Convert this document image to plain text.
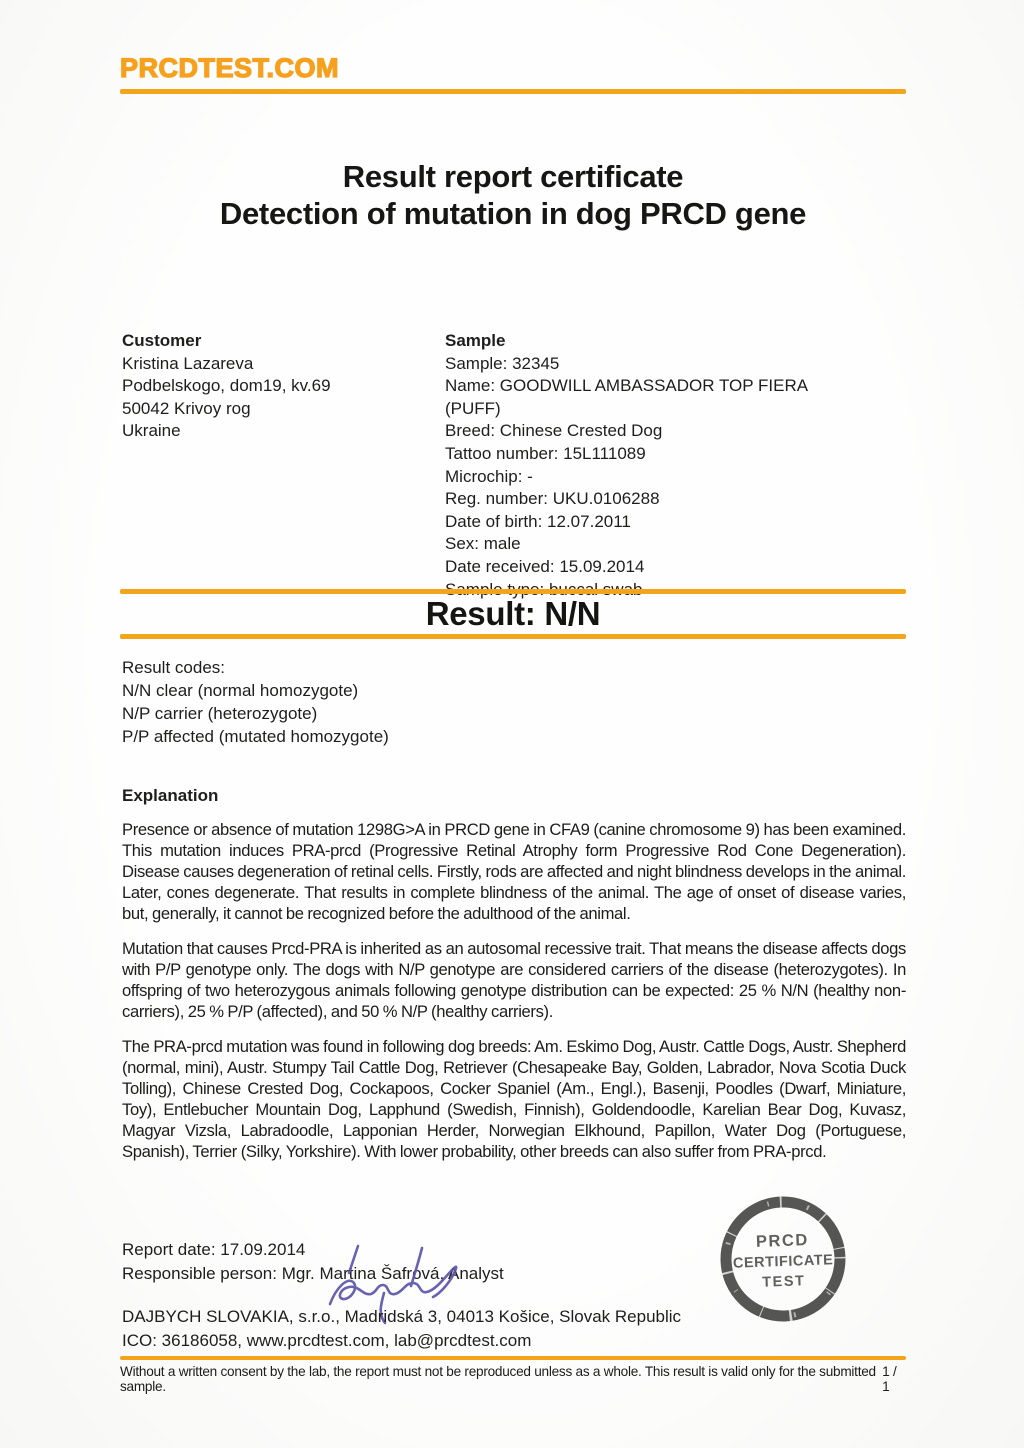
PRCDTEST.COM
Result report certificate
Detection of mutation in dog PRCD gene
Customer
Kristina Lazareva
Podbelskogo, dom19, kv.69
50042 Krivoy rog
Ukraine
Sample
Sample: 32345
Name: GOODWILL AMBASSADOR TOP FIERA
(PUFF)
Breed: Chinese Crested Dog
Tattoo number: 15L111089
Microchip: -
Reg. number: UKU.0106288
Date of birth: 12.07.2011
Sex: male
Date received: 15.09.2014
Result: N/N
Result codes:
N/N clear (normal homozygote)
N/P carrier (heterozygote)
P/P affected (mutated homozygote)
Explanation

Presence or absence of mutation 1298G>A in PRCD gene in CFA9 (canine chromosome 9) has been examined. This mutation induces PRA-prcd (Progressive Retinal Atrophy form Progressive Rod Cone Degeneration). Disease causes degeneration of retinal cells. Firstly, rods are affected and night blindness develops in the animal. Later, cones degenerate. That results in complete blindness of the animal. The age of onset of disease varies, but, generally, it cannot be recognized before the adulthood of the animal.

Mutation that causes Prcd-PRA is inherited as an autosomal recessive trait. That means the disease affects dogs with P/P genotype only. The dogs with N/P genotype are considered carriers of the disease (heterozygotes). In offspring of two heterozygous animals following genotype distribution can be expected: 25 % N/N (healthy non-carriers), 25 % P/P (affected), and 50 % N/P (healthy carriers).

The PRA-prcd mutation was found in following dog breeds: Am. Eskimo Dog, Austr. Cattle Dogs, Austr. Shepherd (normal, mini), Austr. Stumpy Tail Cattle Dog, Retriever (Chesapeake Bay, Golden, Labrador, Nova Scotia Duck Tolling), Chinese Crested Dog, Cockapoos, Cocker Spaniel (Am., Engl.), Basenji, Poodles (Dwarf, Miniature, Toy), Entlebucher Mountain Dog, Lapphund (Swedish, Finnish), Goldendoodle, Karelian Bear Dog, Kuvasz, Magyar Vizsla, Labradoodle, Lapponian Herder, Norwegian Elkhound, Papillon, Water Dog (Portuguese, Spanish), Terrier (Silky, Yorkshire). With lower probability, other breeds can also suffer from PRA-prcd.

Report date: 17.09.2014
Responsible person: Mgr. Martina Šafrová, Analyst
DAJBYCH SLOVAKIA, s.r.o., Madridská 3, 04013 Košice, Slovak Republic
ICO: 36186058, www.prcdtest.com, lab@prcdtest.com
PRCD
CERTIFICATE
TEST
Without a written consent by the lab, the report must not be reproduced unless as a whole. This result is valid only for the submitted sample.
1 / 1
